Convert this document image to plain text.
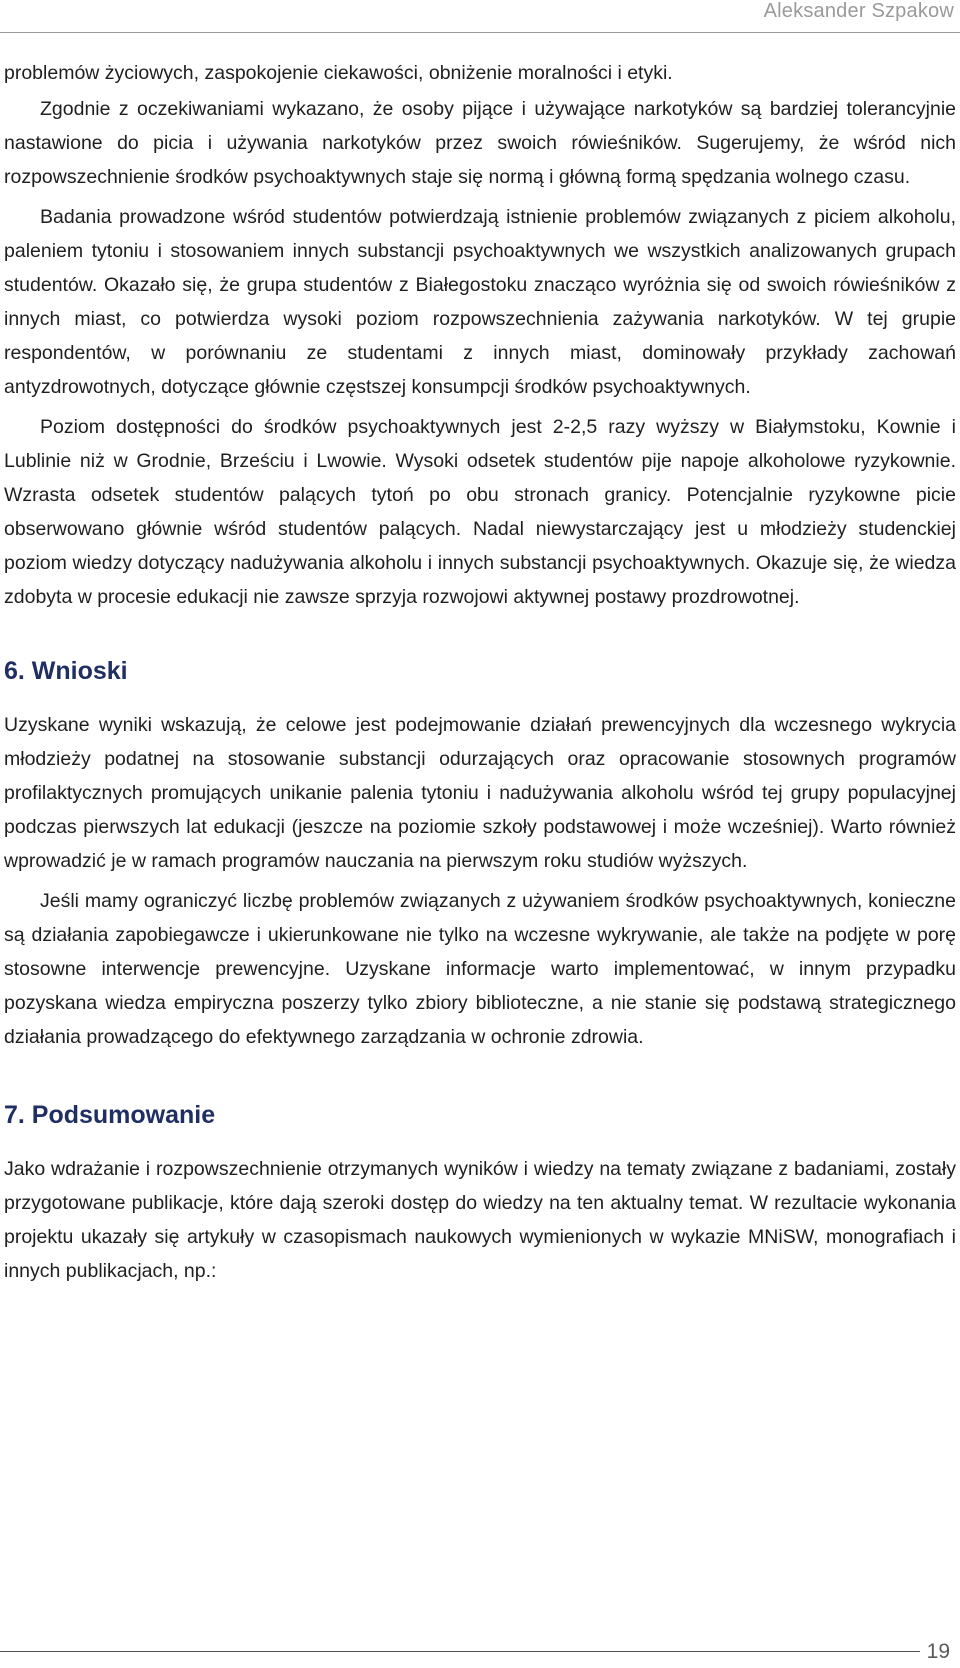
Aleksander Szpakow

problemów życiowych, zaspokojenie ciekawości, obniżenie moralności i etyki.

Zgodnie z oczekiwaniami wykazano, że osoby pijące i używające narkotyków są bardziej tolerancyjnie nastawione do picia i używania narkotyków przez swoich rówieśników. Sugerujemy, że wśród nich rozpowszechnienie środków psychoaktywnych staje się normą i główną formą spędzania wolnego czasu.

Badania prowadzone wśród studentów potwierdzają istnienie problemów związanych z piciem alkoholu, paleniem tytoniu i stosowaniem innych substancji psychoaktywnych we wszystkich analizowanych grupach studentów. Okazało się, że grupa studentów z Białegostoku znacząco wyróżnia się od swoich rówieśników z innych miast, co potwierdza wysoki poziom rozpowszechnienia zażywania narkotyków. W tej grupie respondentów, w porównaniu ze studentami z innych miast, dominowały przykłady zachowań antyzdrowotnych, dotyczące głównie częstszej konsumpcji środków psychoaktywnych.

Poziom dostępności do środków psychoaktywnych jest 2-2,5 razy wyższy w Białymstoku, Kownie i Lublinie niż w Grodnie, Brześciu i Lwowie. Wysoki odsetek studentów pije napoje alkoholowe ryzykownie. Wzrasta odsetek studentów palących tytoń po obu stronach granicy. Potencjalnie ryzykowne picie obserwowano głównie wśród studentów palących. Nadal niewystarczający jest u młodzieży studenckiej poziom wiedzy dotyczący nadużywania alkoholu i innych substancji psychoaktywnych. Okazuje się, że wiedza zdobyta w procesie edukacji nie zawsze sprzyja rozwojowi aktywnej postawy prozdrowotnej.

6. Wnioski

Uzyskane wyniki wskazują, że celowe jest podejmowanie działań prewencyjnych dla wczesnego wykrycia młodzieży podatnej na stosowanie substancji odurzających oraz opracowanie stosownych programów profilaktycznych promujących unikanie palenia tytoniu i nadużywania alkoholu wśród tej grupy populacyjnej podczas pierwszych lat edukacji (jeszcze na poziomie szkoły podstawowej i może wcześniej). Warto również wprowadzić je w ramach programów nauczania na pierwszym roku studiów wyższych.

Jeśli mamy ograniczyć liczbę problemów związanych z używaniem środków psychoaktywnych, konieczne są działania zapobiegawcze i ukierunkowane nie tylko na wczesne wykrywanie, ale także na podjęte w porę stosowne interwencje prewencyjne. Uzyskane informacje warto implementować, w innym przypadku pozyskana wiedza empiryczna poszerzy tylko zbiory biblioteczne, a nie stanie się podstawą strategicznego działania prowadzącego do efektywnego zarządzania w ochronie zdrowia.

7. Podsumowanie

Jako wdrażanie i rozpowszechnienie otrzymanych wyników i wiedzy na tematy związane z badaniami, zostały przygotowane publikacje, które dają szeroki dostęp do wiedzy na ten aktualny temat. W rezultacie wykonania projektu ukazały się artykuły w czasopismach naukowych wymienionych w wykazie MNiSW, monografiach i innych publikacjach, np.:

19
